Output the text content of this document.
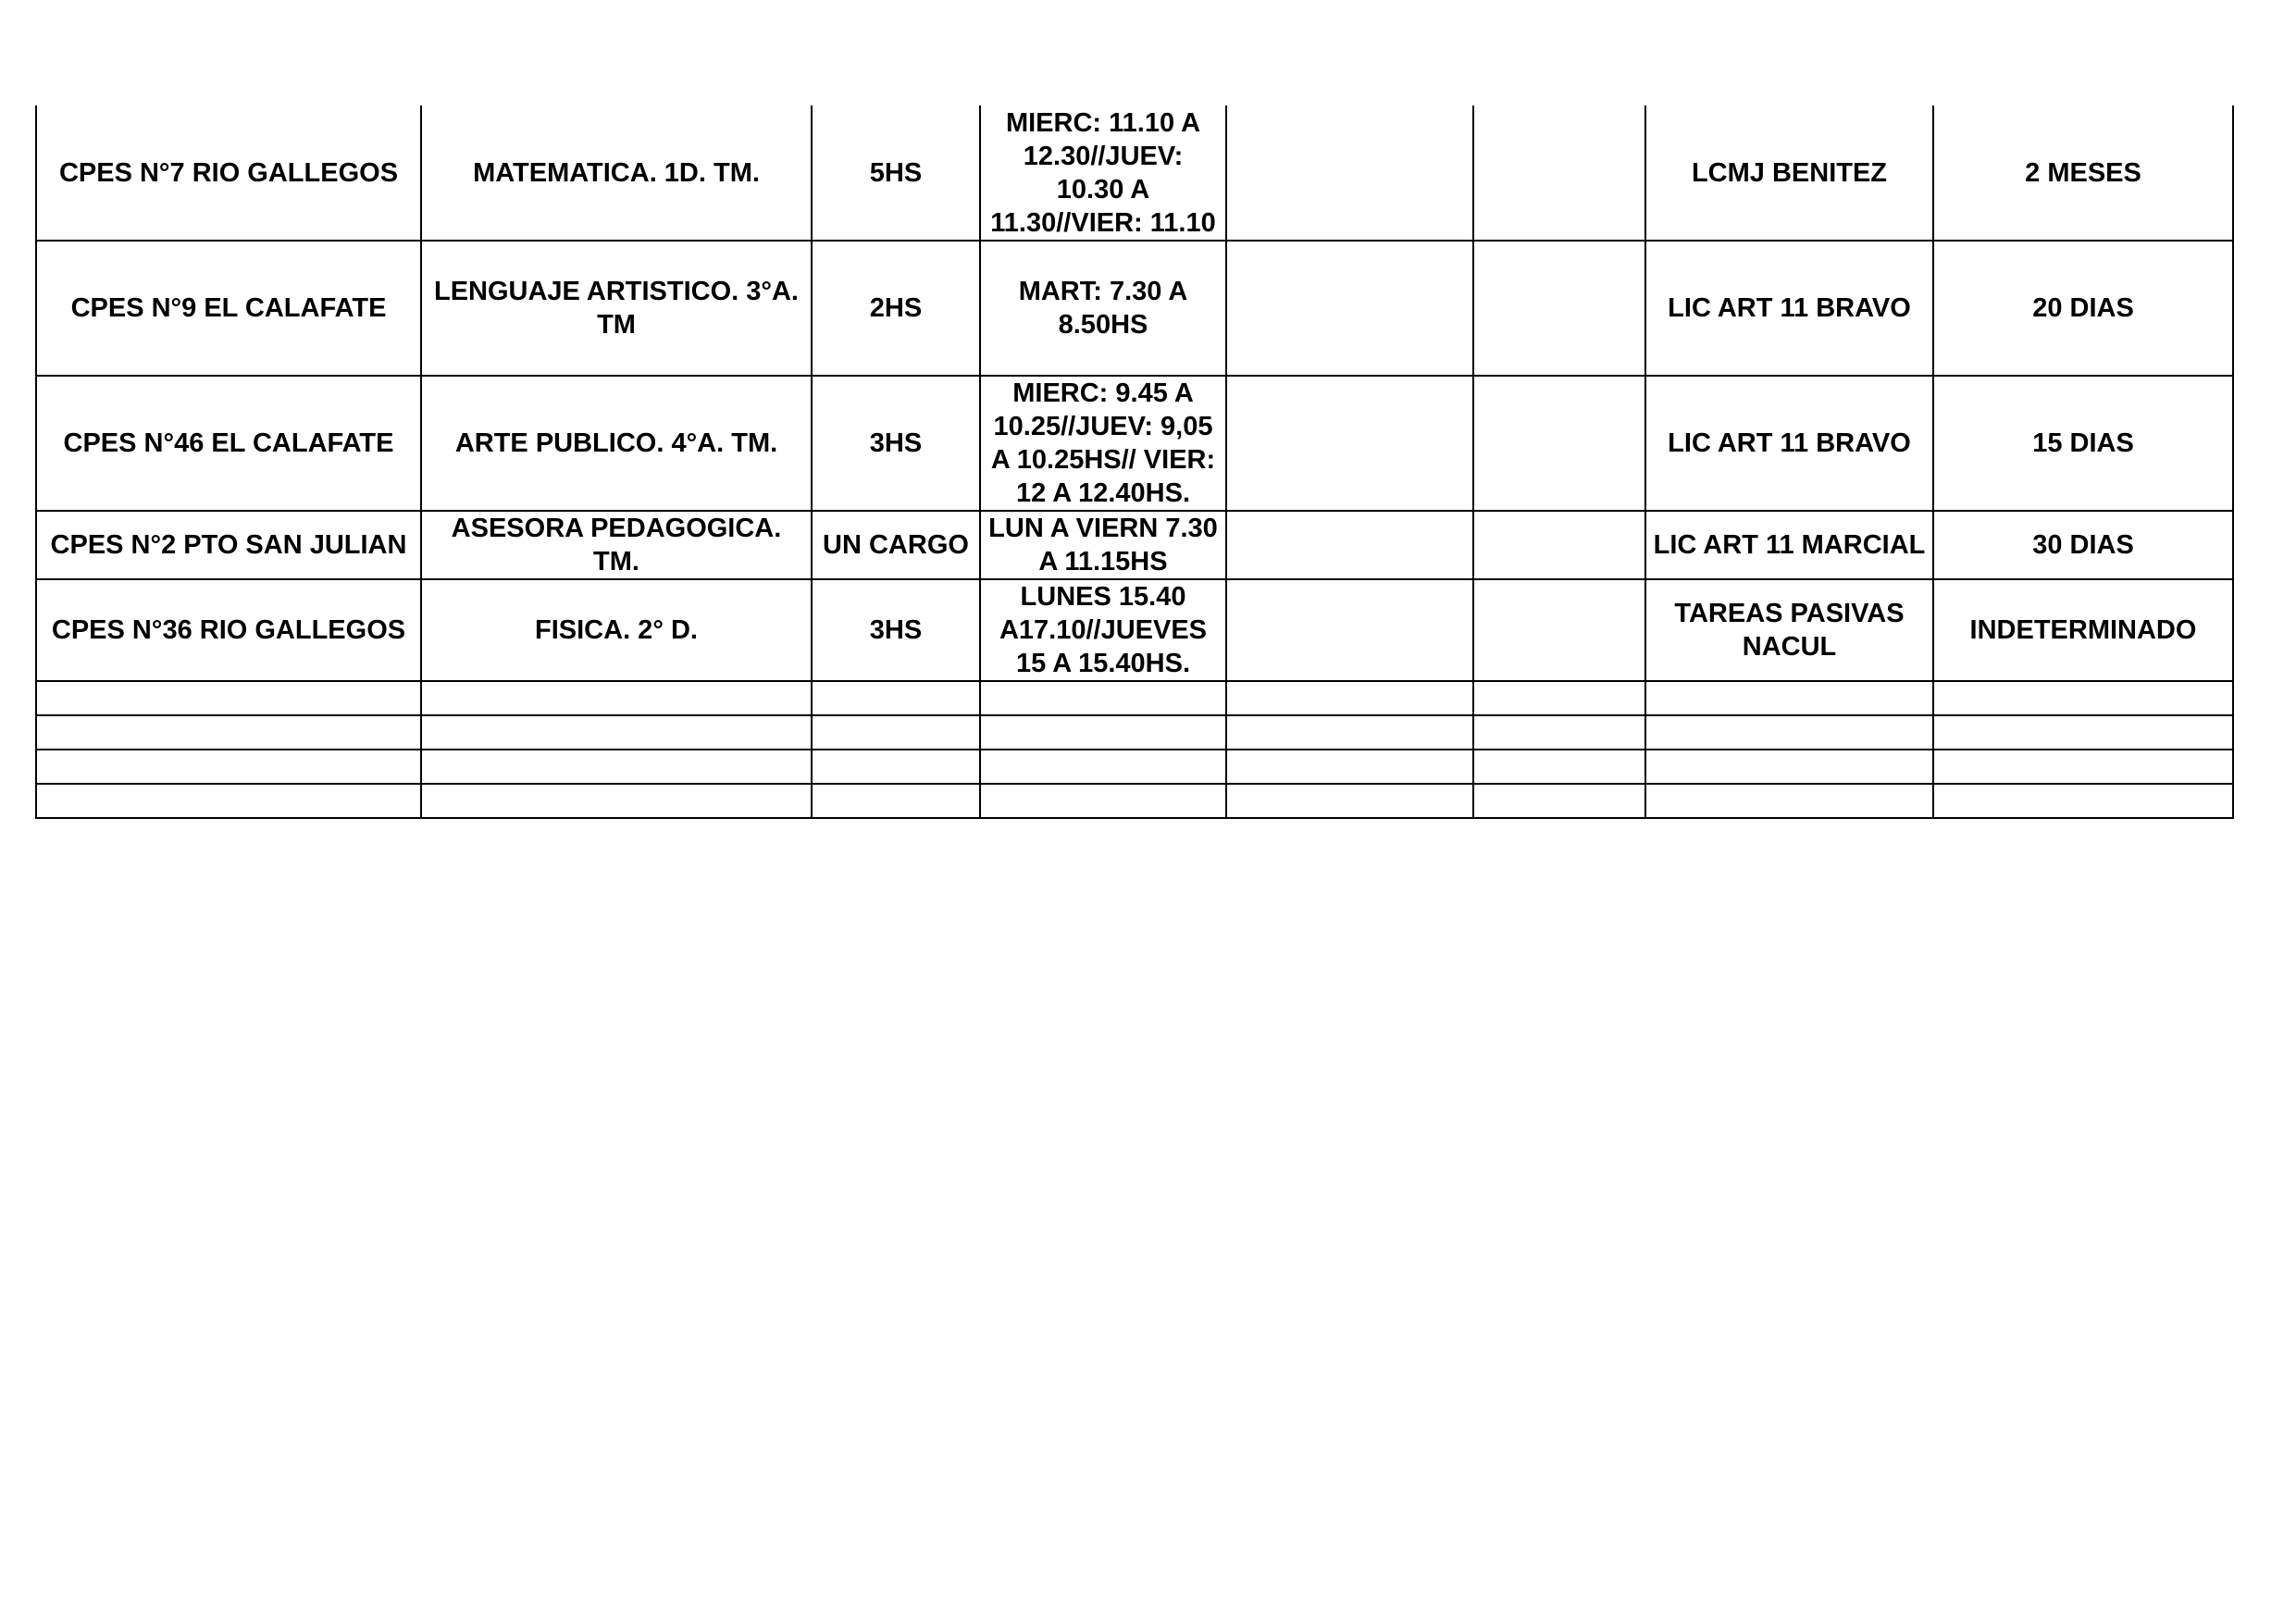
CPES N°7 RIO GALLEGOS	MATEMATICA. 1D. TM.	5HS	MIERC: 11.10 A 12.30//JUEV: 10.30 A 11.30//VIER: 11.10			LCMJ BENITEZ	2 MESES
CPES N°9 EL CALAFATE	LENGUAJE ARTISTICO. 3°A. TM	2HS	MART: 7.30 A 8.50HS			LIC ART 11 BRAVO	20 DIAS
CPES N°46 EL CALAFATE	ARTE PUBLICO. 4°A. TM.	3HS	MIERC: 9.45 A 10.25//JUEV: 9,05 A 10.25HS// VIER: 12 A 12.40HS.			LIC ART 11 BRAVO	15 DIAS
CPES N°2 PTO SAN JULIAN	ASESORA PEDAGOGICA. TM.	UN CARGO	LUN A VIERN 7.30 A 11.15HS			LIC ART 11 MARCIAL	30 DIAS
CPES N°36 RIO GALLEGOS	FISICA. 2° D.	3HS	LUNES 15.40 A17.10//JUEVES 15 A 15.40HS.			TAREAS PASIVAS NACUL	INDETERMINADO
